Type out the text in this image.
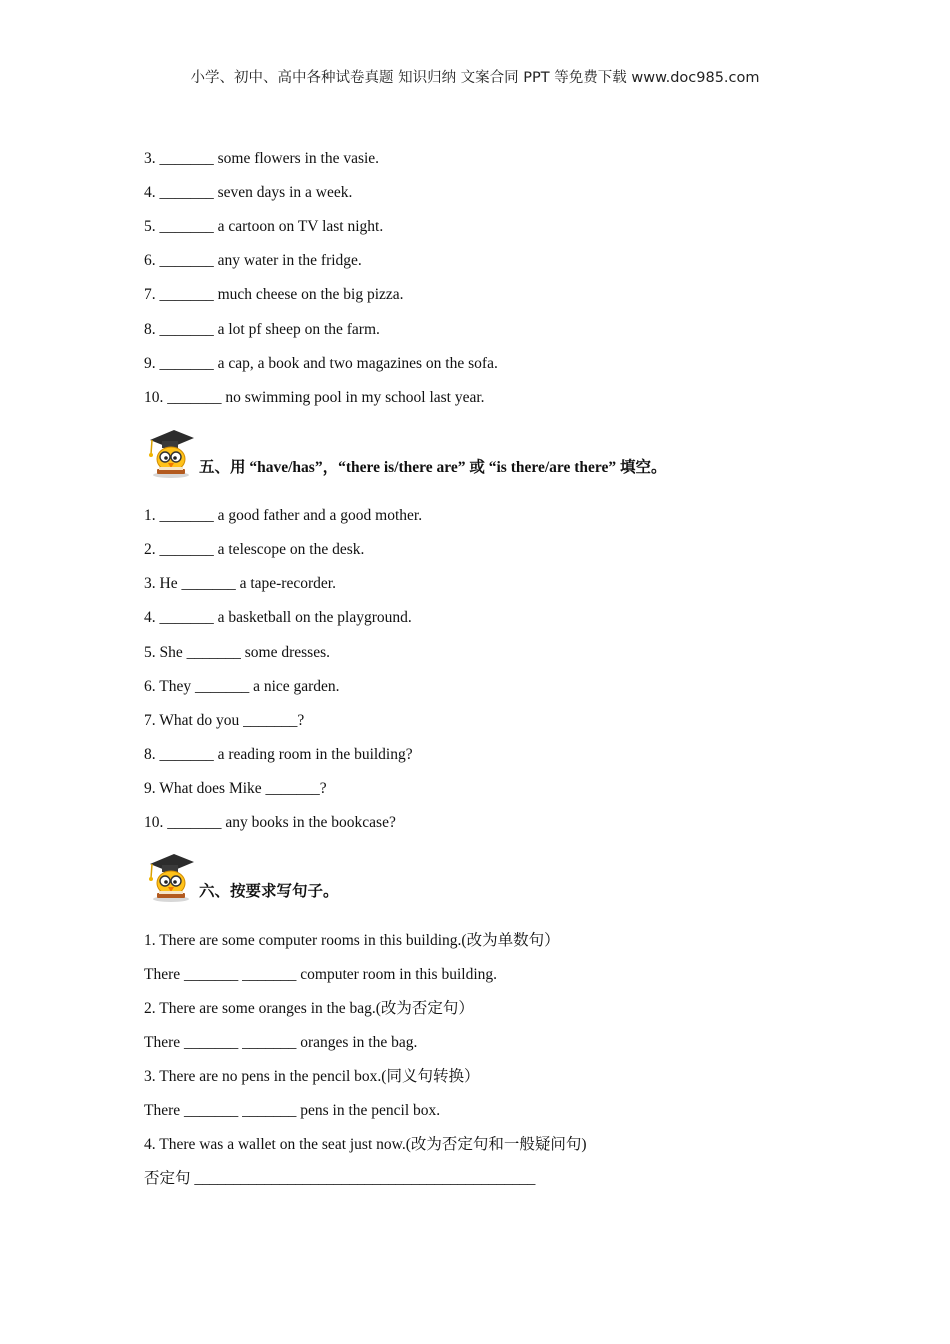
小学、初中、高中各种试卷真题 知识归纳 文案合同 PPT 等免费下载 www.doc985.com
3. _______ some flowers in the vasie.
4. _______ seven days in a week.
5. _______ a cartoon on TV last night.
6. _______ any water in the fridge.
7. _______ much cheese on the big pizza.
8. _______ a lot pf sheep on the farm.
9. _______ a cap, a book and two magazines on the sofa.
10. _______ no swimming pool in my school last year.
五、用 “have/has”，“there is/there are” 或 “is there/are there” 填空。
1. _______ a good father and a good mother.
2. _______ a telescope on the desk.
3. He _______ a tape-recorder.
4. _______ a basketball on the playground.
5. She _______ some dresses.
6. They _______ a nice garden.
7. What do you _______?
8. _______ a reading room in the building?
9. What does Mike _______?
10. _______ any books in the bookcase?
六、按要求写句子。
1. There are some computer rooms in this building.(改为单数句）
There _______ _______ computer room in this building.
2. There are some oranges in the bag.(改为否定句）
There _______ _______ oranges in the bag.
3. There are no pens in the pencil box.(同义句转换）
There _______ _______ pens in the pencil box.
4. There was a wallet on the seat just now.(改为否定句和一般疑问句)
否定句 ____________________________________________
